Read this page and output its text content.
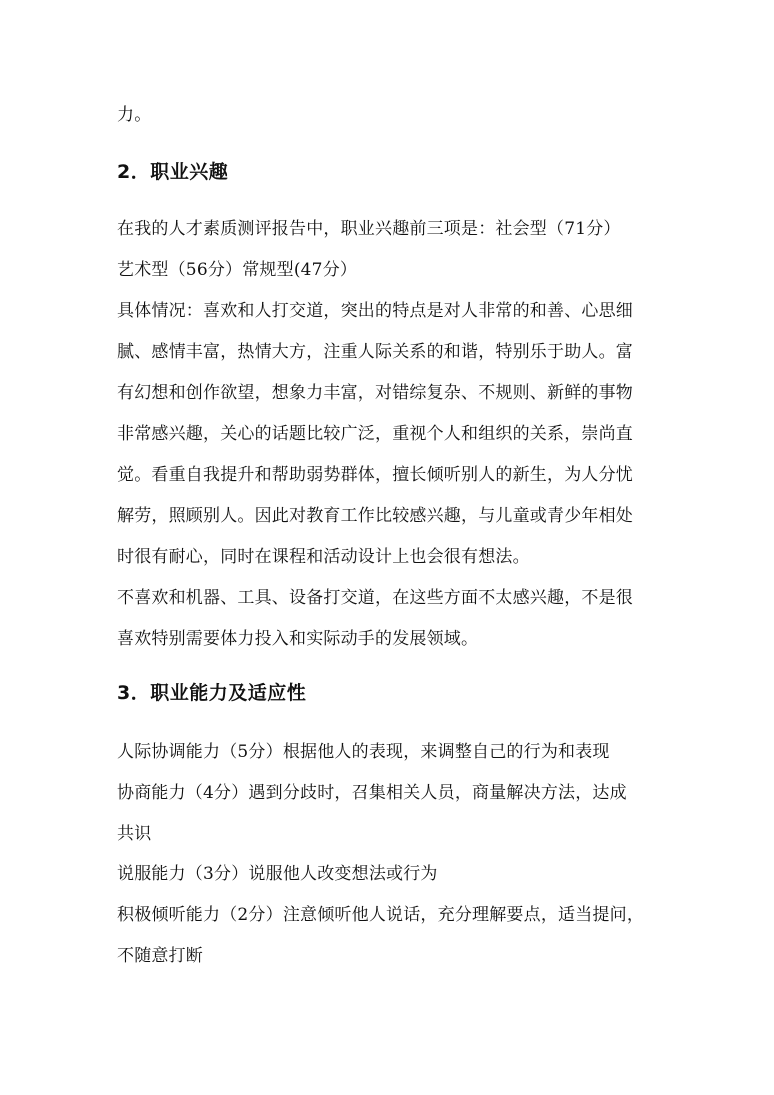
力。
2．职业兴趣
在我的人才素质测评报告中，职业兴趣前三项是：社会型（71分）
艺术型（56分）常规型(47分）
具体情况：喜欢和人打交道，突出的特点是对人非常的和善、心思细
腻、感情丰富，热情大方，注重人际关系的和谐，特别乐于助人。富
有幻想和创作欲望，想象力丰富，对错综复杂、不规则、新鲜的事物
非常感兴趣，关心的话题比较广泛，重视个人和组织的关系，崇尚直
觉。看重自我提升和帮助弱势群体，擅长倾听别人的新生，为人分忧
解劳，照顾别人。因此对教育工作比较感兴趣，与儿童或青少年相处
时很有耐心，同时在课程和活动设计上也会很有想法。
不喜欢和机器、工具、设备打交道，在这些方面不太感兴趣，不是很
喜欢特别需要体力投入和实际动手的发展领域。
3．职业能力及适应性
人际协调能力（5分）根据他人的表现，来调整自己的行为和表现
协商能力（4分）遇到分歧时，召集相关人员，商量解决方法，达成
共识
说服能力（3分）说服他人改变想法或行为
积极倾听能力（2分）注意倾听他人说话，充分理解要点，适当提问，
不随意打断
